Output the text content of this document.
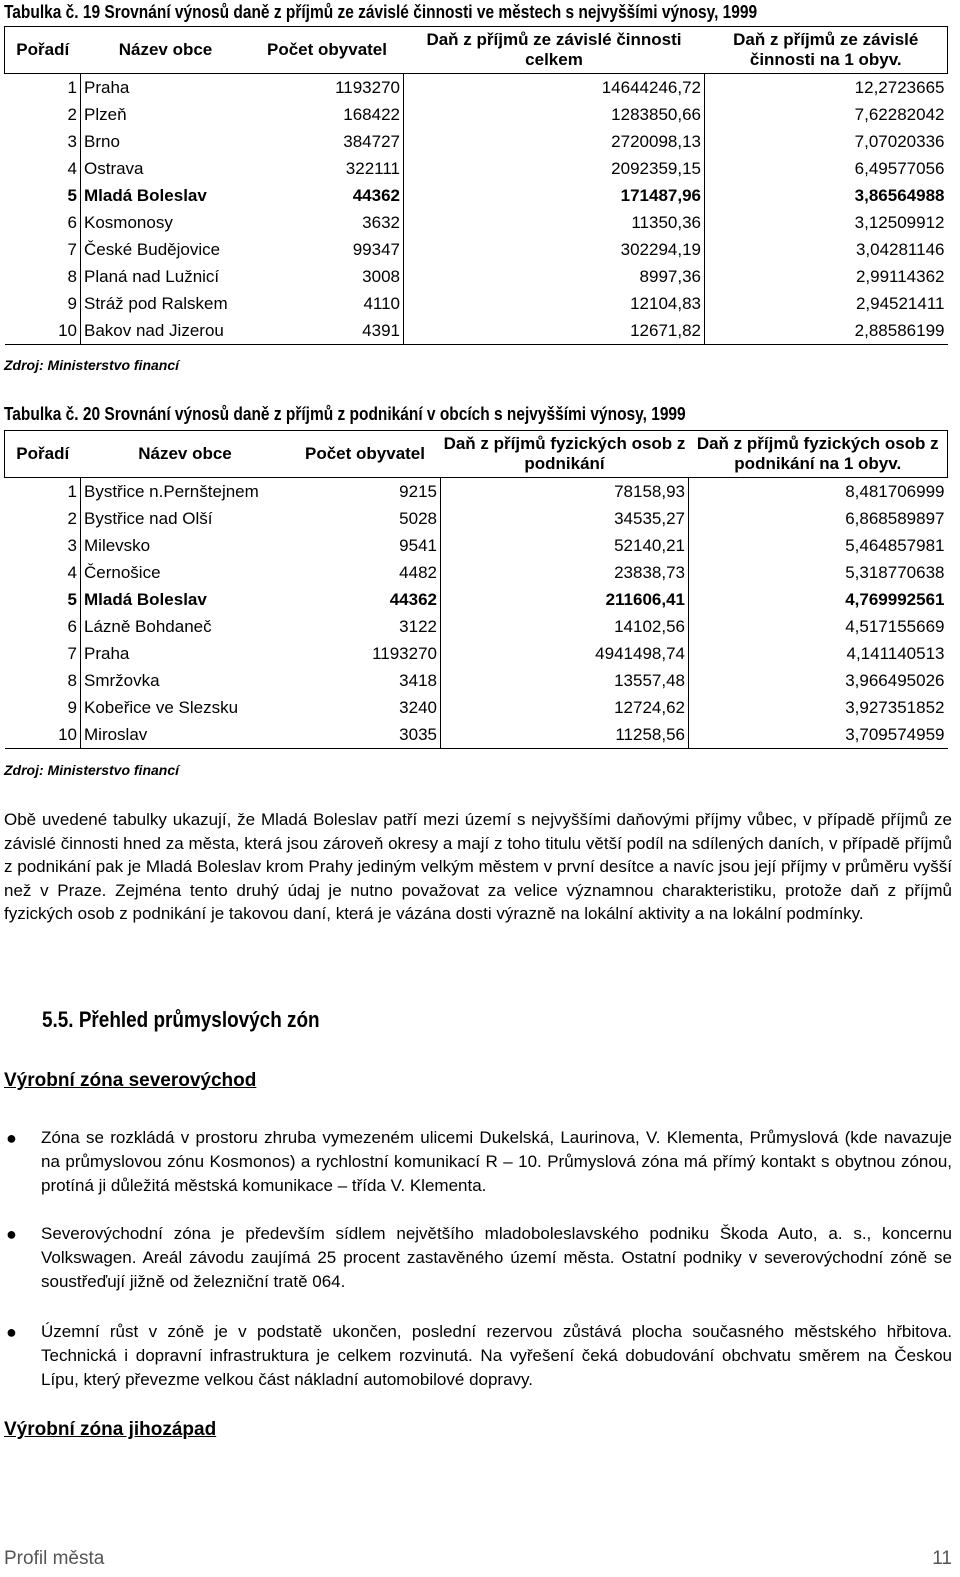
Tabulka č. 19 Srovnání výnosů daně z příjmů ze závislé činnosti ve městech s nejvyššími výnosy, 1999
Pořadí	Název obce	Počet obyvatel	Daň z příjmů ze závislé činnosti celkem	Daň z příjmů ze závislé činnosti na 1 obyv.
1	Praha	1193270	14644246,72	12,2723665
2	Plzeň	168422	1283850,66	7,62282042
3	Brno	384727	2720098,13	7,07020336
4	Ostrava	322111	2092359,15	6,49577056
5	Mladá Boleslav	44362	171487,96	3,86564988
6	Kosmonosy	3632	11350,36	3,12509912
7	České Budějovice	99347	302294,19	3,04281146
8	Planá nad Lužnicí	3008	8997,36	2,99114362
9	Stráž pod Ralskem	4110	12104,83	2,94521411
10	Bakov nad Jizerou	4391	12671,82	2,88586199
Zdroj: Ministerstvo financí
Tabulka č. 20 Srovnání výnosů daně z příjmů z podnikání v obcích s nejvyššími výnosy, 1999
Pořadí	Název obce	Počet obyvatel	Daň z příjmů fyzických osob z podnikání	Daň z příjmů fyzických osob z podnikání na 1 obyv.
1	Bystřice n.Pernštejnem	9215	78158,93	8,481706999
2	Bystřice nad Olší	5028	34535,27	6,868589897
3	Milevsko	9541	52140,21	5,464857981
4	Černošice	4482	23838,73	5,318770638
5	Mladá Boleslav	44362	211606,41	4,769992561
6	Lázně Bohdaneč	3122	14102,56	4,517155669
7	Praha	1193270	4941498,74	4,141140513
8	Smržovka	3418	13557,48	3,966495026
9	Kobeřice ve Slezsku	3240	12724,62	3,927351852
10	Miroslav	3035	11258,56	3,709574959
Zdroj: Ministerstvo financí
Obě uvedené tabulky ukazují, že Mladá Boleslav patří mezi území s nejvyššími daňovými příjmy vůbec, v případě příjmů ze závislé činnosti hned za města, která jsou zároveň okresy a mají z toho titulu větší podíl na sdílených daních, v případě příjmů z podnikání pak je Mladá Boleslav krom Prahy jediným velkým městem v první desítce a navíc jsou její příjmy v průměru vyšší než v Praze. Zejména tento druhý údaj je nutno považovat za velice významnou charakteristiku, protože daň z příjmů fyzických osob z podnikání je takovou daní, která je vázána dosti výrazně na lokální aktivity a na lokální podmínky.
5.5. Přehled průmyslových zón
Výrobní zóna severovýchod
● Zóna se rozkládá v prostoru zhruba vymezeném ulicemi Dukelská, Laurinova, V. Klementa, Průmyslová (kde navazuje na průmyslovou zónu Kosmonos) a rychlostní komunikací R – 10. Průmyslová zóna má přímý kontakt s obytnou zónou, protíná ji důležitá městská komunikace – třída V. Klementa.
● Severovýchodní zóna je především sídlem největšího mladoboleslavského podniku Škoda Auto, a. s., koncernu Volkswagen. Areál závodu zaujímá 25 procent zastavěného území města. Ostatní podniky v severovýchodní zóně se soustřeďují jižně od železniční tratě 064.
● Územní růst v zóně je v podstatě ukončen, poslední rezervou zůstává plocha současného městského hřbitova. Technická i dopravní infrastruktura je celkem rozvinutá. Na vyřešení čeká dobudování obchvatu směrem na Českou Lípu, který převezme velkou část nákladní automobilové dopravy.
Výrobní zóna jihozápad
Profil města	11
